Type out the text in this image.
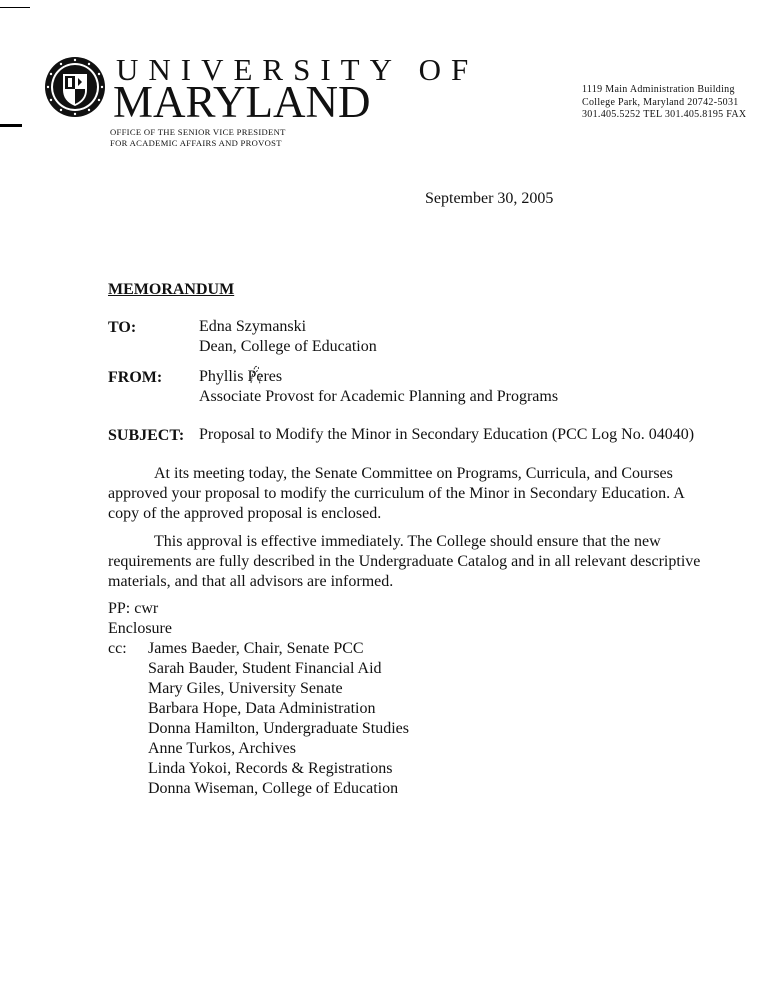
UNIVERSITY OF
MARYLAND
OFFICE OF THE SENIOR VICE PRESIDENT
FOR ACADEMIC AFFAIRS AND PROVOST
1119 Main Administration Building
College Park, Maryland 20742-5031
301.405.5252 TEL 301.405.8195 FAX
September 30, 2005
MEMORANDUM
TO:	Edna Szymanski
Dean, College of Education
FROM: Phyllis Peres
Associate Provost for Academic Planning and Programs
SUBJECT: Proposal to Modify the Minor in Secondary Education (PCC Log No. 04040)
At its meeting today, the Senate Committee on Programs, Curricula, and Courses approved your proposal to modify the curriculum of the Minor in Secondary Education. A copy of the approved proposal is enclosed.
This approval is effective immediately. The College should ensure that the new requirements are fully described in the Undergraduate Catalog and in all relevant descriptive materials, and that all advisors are informed.
PP: cwr
Enclosure
cc:	James Baeder, Chair, Senate PCC
Sarah Bauder, Student Financial Aid
Mary Giles, University Senate
Barbara Hope, Data Administration
Donna Hamilton, Undergraduate Studies
Anne Turkos, Archives
Linda Yokoi, Records & Registrations
Donna Wiseman, College of Education
